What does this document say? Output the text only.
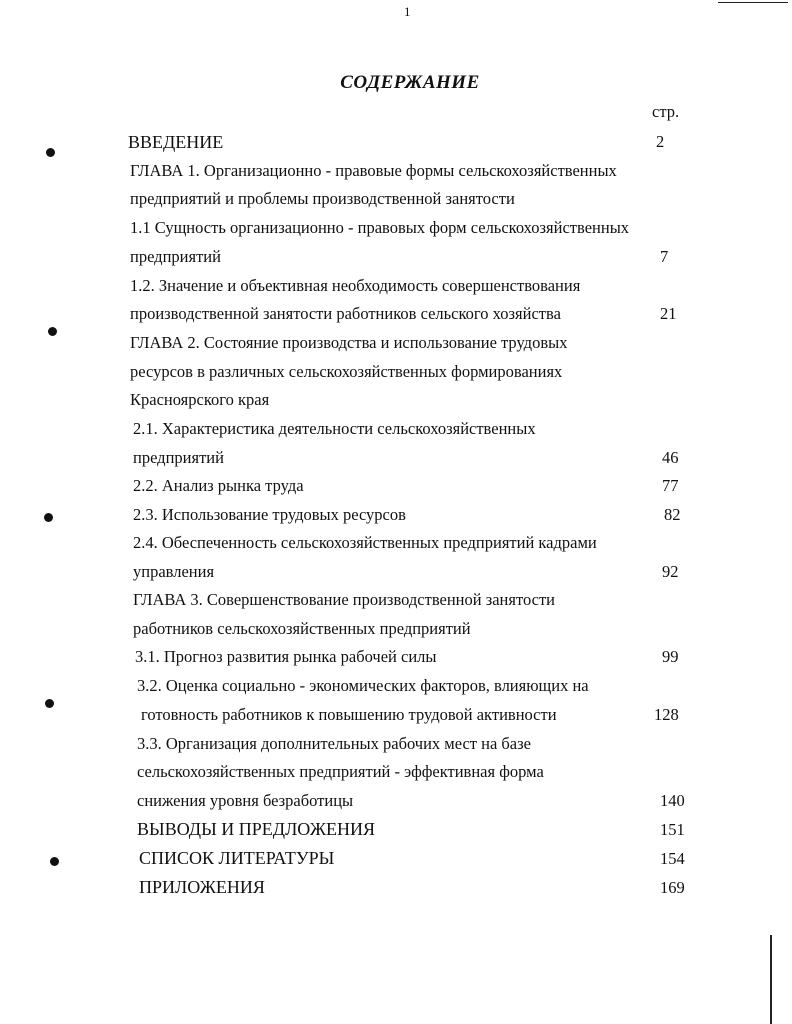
1
СОДЕРЖАНИЕ
стр.
ВВЕДЕНИЕ	2
ГЛАВА 1. Организационно - правовые формы сельскохозяйственных
предприятий и проблемы производственной занятости
1.1 Сущность организационно - правовых форм сельскохозяйственных
предприятий	7
1.2. Значение и объективная необходимость совершенствования
производственной занятости работников сельского хозяйства	21
ГЛАВА 2. Состояние производства и использование трудовых
ресурсов в различных сельскохозяйственных формированиях
Красноярского края
2.1. Характеристика деятельности сельскохозяйственных
предприятий	46
2.2. Анализ рынка труда	77
2.3. Использование трудовых ресурсов	82
2.4. Обеспеченность сельскохозяйственных предприятий кадрами
управления	92
ГЛАВА 3. Совершенствование производственной занятости
работников сельскохозяйственных предприятий
3.1. Прогноз развития рынка рабочей силы	99
3.2. Оценка социально - экономических факторов, влияющих на
готовность работников к повышению трудовой активности	128
3.3. Организация дополнительных рабочих мест на базе
сельскохозяйственных предприятий - эффективная форма
снижения уровня безработицы	140
ВЫВОДЫ И ПРЕДЛОЖЕНИЯ	151
СПИСОК ЛИТЕРАТУРЫ	154
ПРИЛОЖЕНИЯ	169
